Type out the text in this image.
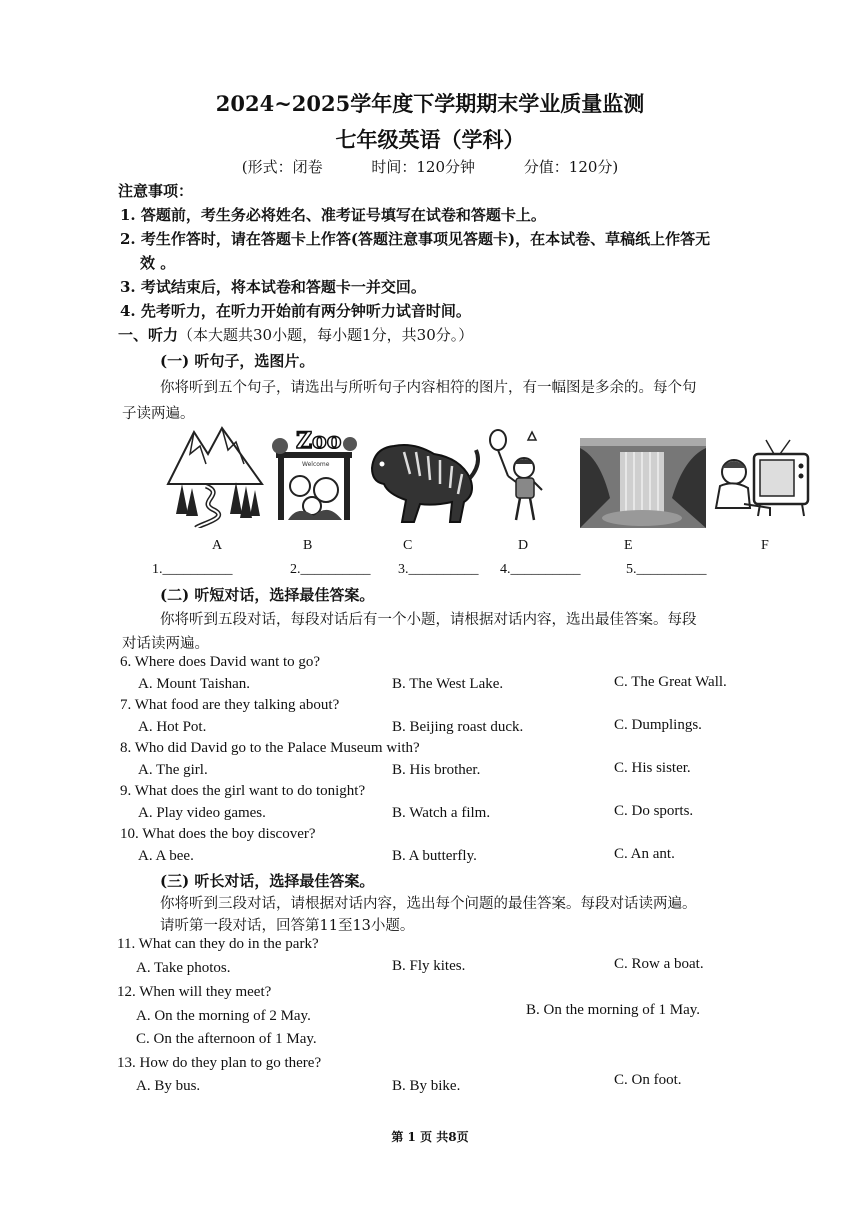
2024~2025学年度下学期期末学业质量监测
七年级英语（学科）
(形式：闭卷	时间：120分钟	分值：120分)
注意事项：
1. 答题前，考生务必将姓名、准考证号填写在试卷和答题卡上。
2. 考生作答时，请在答题卡上作答(答题注意事项见答题卡)，在本试卷、草稿纸上作答无
效 。
3. 考试结束后，将本试卷和答题卡一并交回。
4. 先考听力，在听力开始前有两分钟听力试音时间。
一、听力（本大题共30小题，每小题1分，共30分。）
(一) 听句子，选图片。
你将听到五个句子，请选出与所听句子内容相符的图片，有一幅图是多余的。每个句
子读两遍。
Zoo
Welcome
A	B	C	D	E	F
1.__________	2.__________ 3.__________ 4.__________	5.__________
(二) 听短对话，选择最佳答案。
你将听到五段对话，每段对话后有一个小题，请根据对话内容，选出最佳答案。每段
对话读两遍。
6. Where does David want to go?
A. Mount Taishan.	B. The West Lake.	C. The Great Wall.
7. What food are they talking about?
A. Hot Pot.	B. Beijing roast duck.	C. Dumplings.
8. Who did David go to the Palace Museum with?
A. The girl.	B. His brother.	C. His sister.
9. What does the girl want to do tonight?
A. Play video games.	B. Watch a film.	C. Do sports.
10. What does the boy discover?
A. A bee.	B. A butterfly.	C. An ant.
(三) 听长对话，选择最佳答案。
你将听到三段对话，请根据对话内容，选出每个问题的最佳答案。每段对话读两遍。
请听第一段对话，回答第11至13小题。
11. What can they do in the park?
A. Take photos.	B. Fly kites.	C. Row a boat.
12. When will they meet?
A. On the morning of 2 May.	B. On the morning of 1 May.
C. On the afternoon of 1 May.
13. How do they plan to go there?
A. By bus.	B. By bike.	C. On foot.
第 1 页 共8页
